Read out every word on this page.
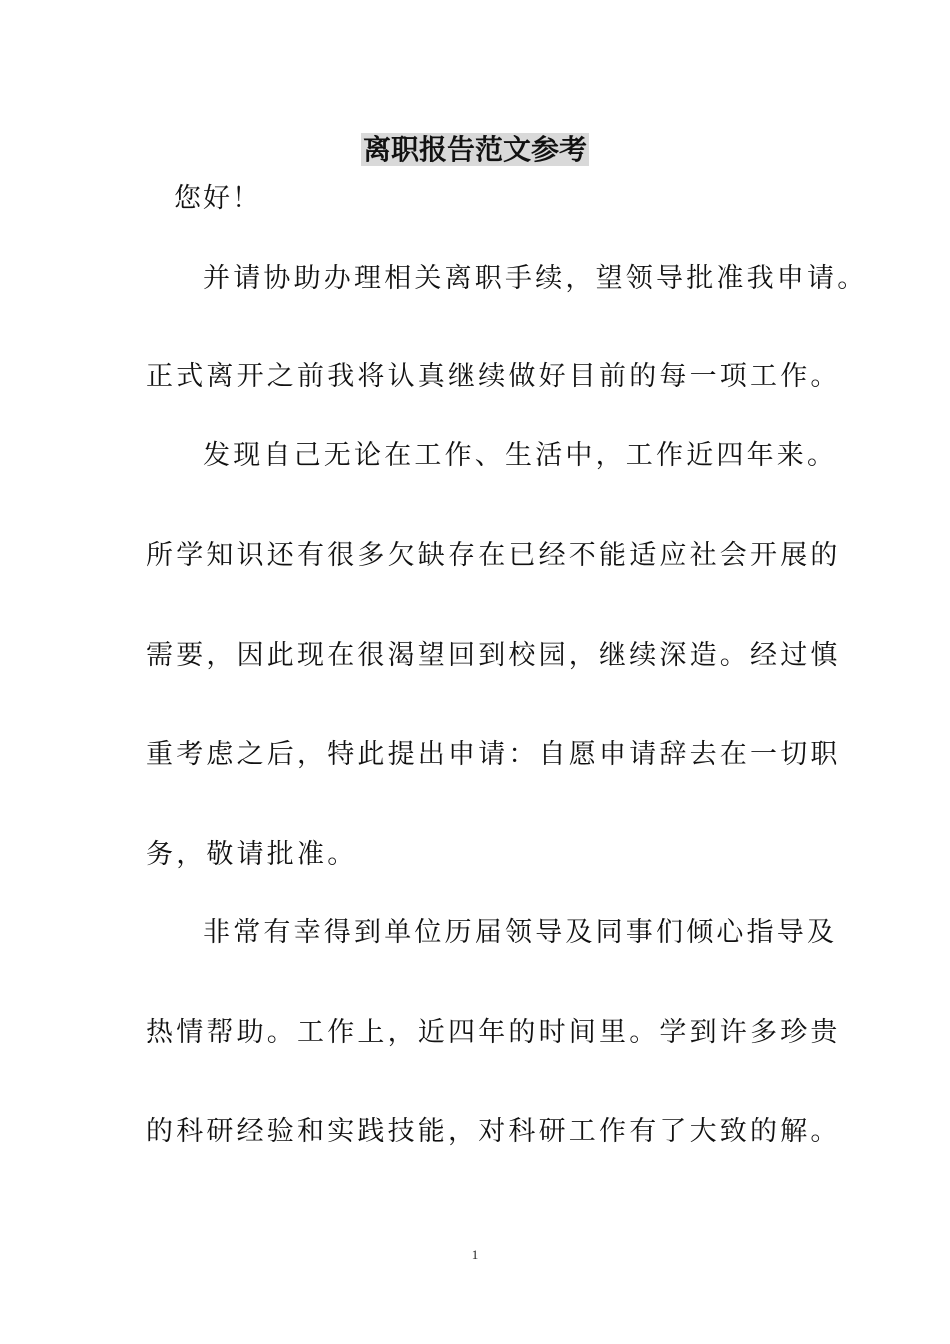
离职报告范文参考
您好！
并请协助办理相关离职手续，望领导批准我申请。
正式离开之前我将认真继续做好目前的每一项工作。
发现自己无论在工作、生活中，工作近四年来。
所学知识还有很多欠缺存在已经不能适应社会开展的
需要，因此现在很渴望回到校园，继续深造。经过慎
重考虑之后，特此提出申请：自愿申请辞去在一切职
务，敬请批准。
非常有幸得到单位历届领导及同事们倾心指导及
热情帮助。工作上，近四年的时间里。学到许多珍贵
的科研经验和实践技能，对科研工作有了大致的解。
1
